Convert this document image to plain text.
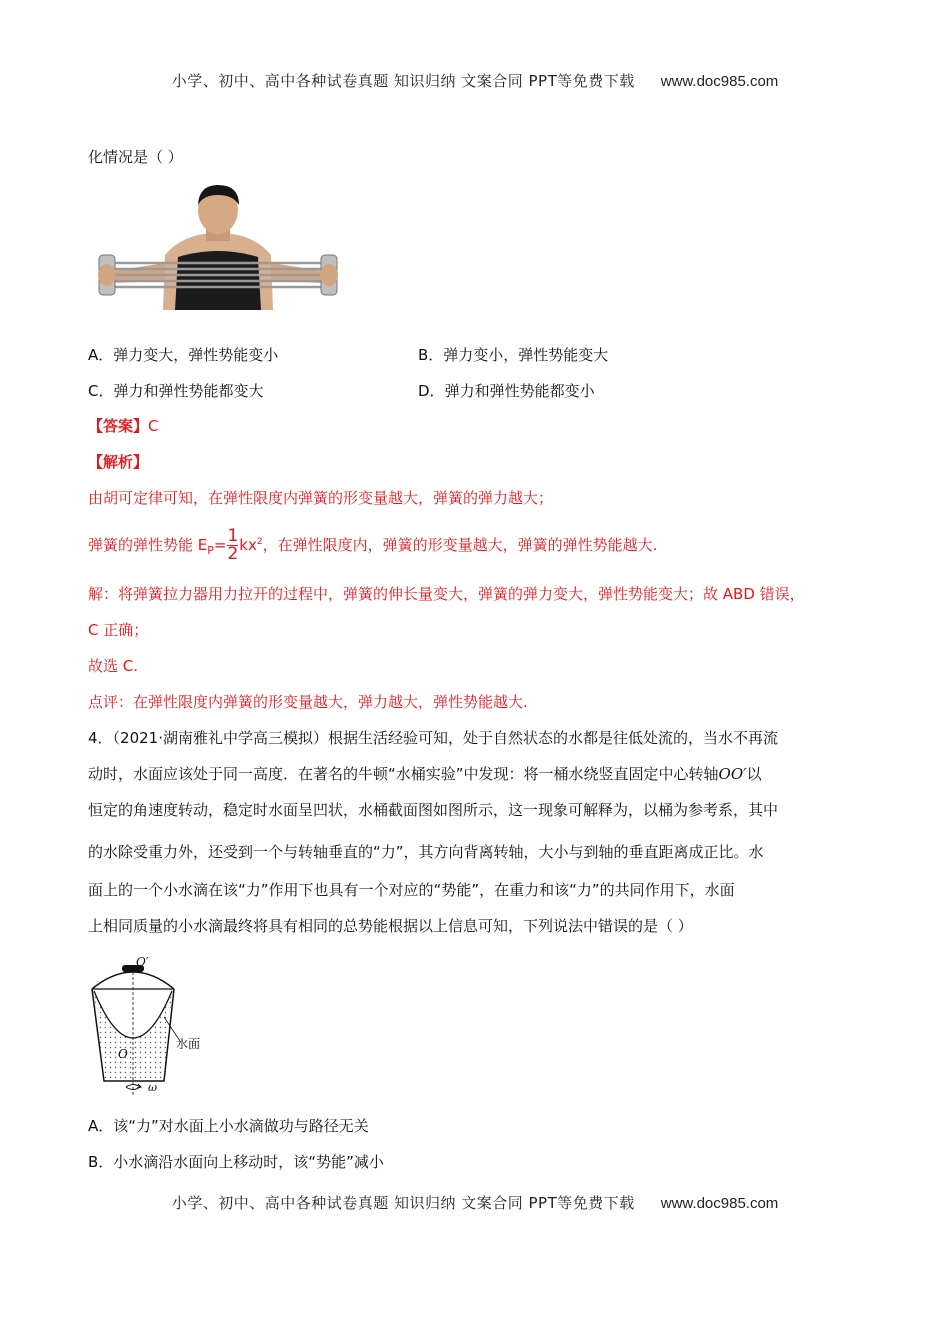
小学、初中、高中各种试卷真题 知识归纳 文案合同 PPT等免费下载 www.doc985.com
化情况是（ ）
A．弹力变大，弹性势能变小	B．弹力变小，弹性势能变大
C．弹力和弹性势能都变大	D．弹力和弹性势能都变小
【答案】C
【解析】
由胡可定律可知，在弹性限度内弹簧的形变量越大，弹簧的弹力越大；
弹簧的弹性势能 $E_P=\frac{1}{2}kx^2$，在弹性限度内，弹簧的形变量越大，弹簧的弹性势能越大.
解：将弹簧拉力器用力拉开的过程中，弹簧的伸长量变大，弹簧的弹力变大，弹性势能变大；故 ABD 错误，
C 正确；
故选 C.
点评：在弹性限度内弹簧的形变量越大，弹力越大，弹性势能越大.
4．（2021·湖南雅礼中学高三模拟）根据生活经验可知，处于自然状态的水都是往低处流的，当水不再流
动时，水面应该处于同一高度．在著名的牛顿“水桶实验”中发现：将一桶水绕竖直固定中心转轴OO′以
恒定的角速度转动，稳定时水面呈凹状，水桶截面图如图所示，这一现象可解释为，以桶为参考系，其中
的水除受重力外，还受到一个与转轴垂直的“力”，其方向背离转轴，大小与到轴的垂直距离成正比。水
面上的一个小水滴在该“力”作用下也具有一个对应的“势能”，在重力和该“力”的共同作用下，水面
上相同质量的小水滴最终将具有相同的总势能根据以上信息可知，下列说法中错误的是（ ）
O′
O
水面
ω
A．该“力”对水面上小水滴做功与路径无关
B．小水滴沿水面向上移动时，该“势能”减小
小学、初中、高中各种试卷真题 知识归纳 文案合同 PPT等免费下载 www.doc985.com
